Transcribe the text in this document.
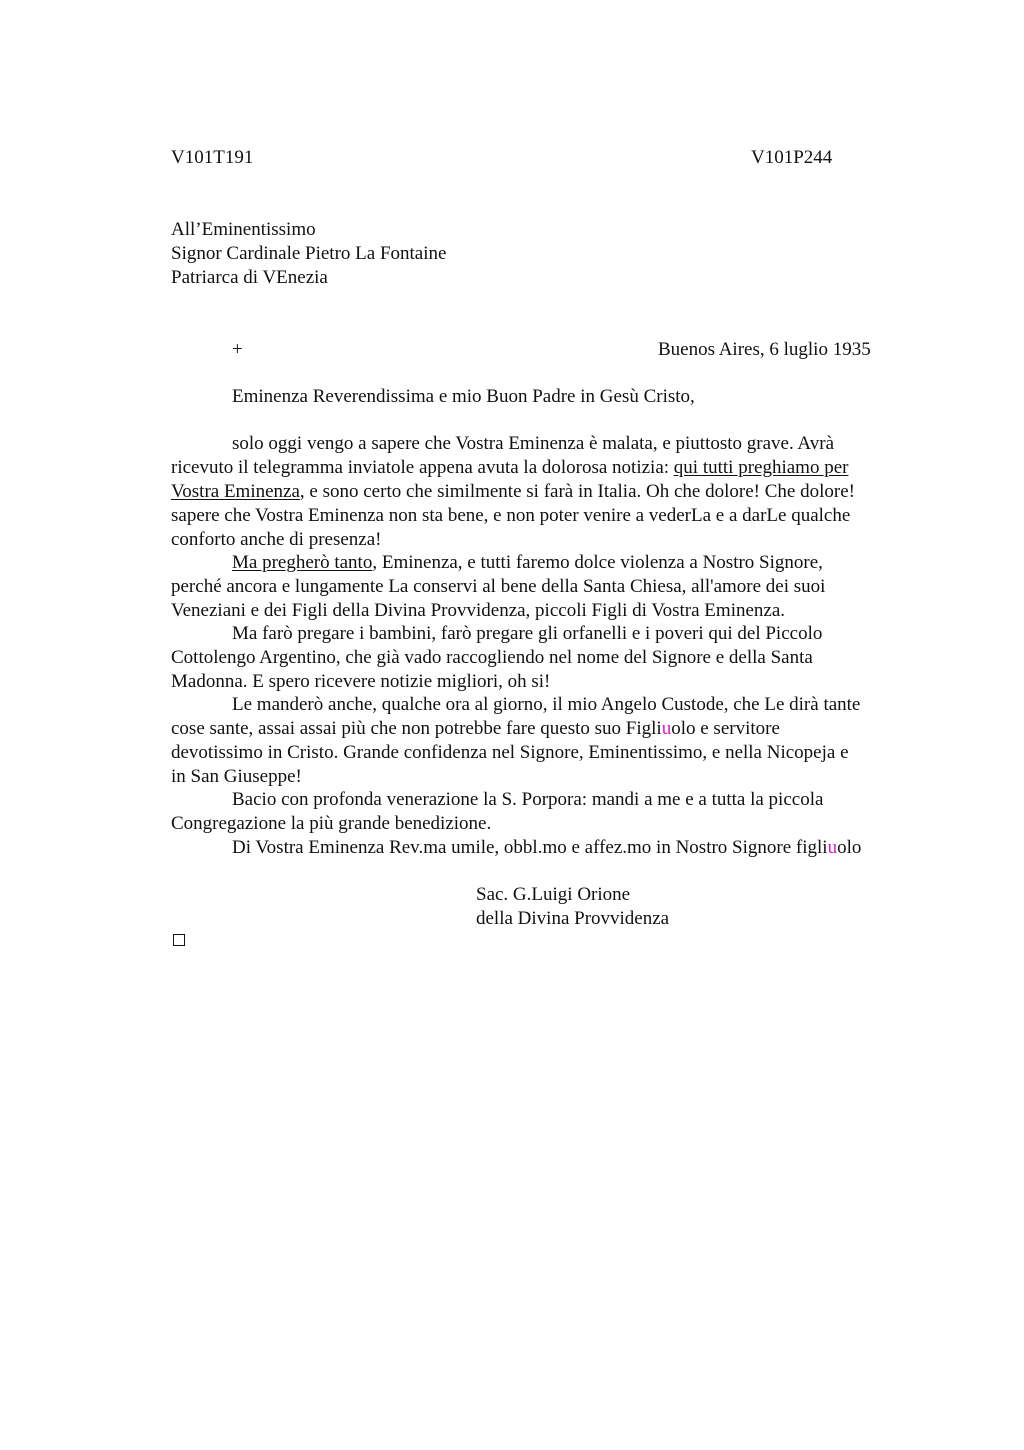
V101T191	V101P244
All’Eminentissimo
Signor Cardinale Pietro La Fontaine
Patriarca di VEnezia
+	Buenos Aires, 6 luglio 1935
Eminenza Reverendissima e mio Buon Padre in Gesù Cristo,
solo oggi vengo a sapere che Vostra Eminenza è malata, e piuttosto grave. Avrà
ricevuto il telegramma inviatole appena avuta la dolorosa notizia: qui tutti preghiamo per
Vostra Eminenza, e sono certo che similmente si farà in Italia. Oh che dolore! Che dolore!
sapere che Vostra Eminenza non sta bene, e non poter venire a vederLa e a darLe qualche
conforto anche di presenza!
Ma pregherò tanto, Eminenza, e tutti faremo dolce violenza a Nostro Signore,
perché ancora e lungamente La conservi al bene della Santa Chiesa, all'amore dei suoi
Veneziani e dei Figli della Divina Provvidenza, piccoli Figli di Vostra Eminenza.
Ma farò pregare i bambini, farò pregare gli orfanelli e i poveri qui del Piccolo
Cottolengo Argentino, che già vado raccogliendo nel nome del Signore e della Santa
Madonna. E spero ricevere notizie migliori, oh si!
Le manderò anche, qualche ora al giorno, il mio Angelo Custode, che Le dirà tante
cose sante, assai assai più che non potrebbe fare questo suo Figliuolo e servitore
devotissimo in Cristo. Grande confidenza nel Signore, Eminentissimo, e nella Nicopeja e
in San Giuseppe!
Bacio con profonda venerazione la S. Porpora: mandi a me e a tutta la piccola
Congregazione la più grande benedizione.
Di Vostra Eminenza Rev.ma umile, obbl.mo e affez.mo in Nostro Signore figliuolo
Sac. G.Luigi Orione
della Divina Provvidenza
